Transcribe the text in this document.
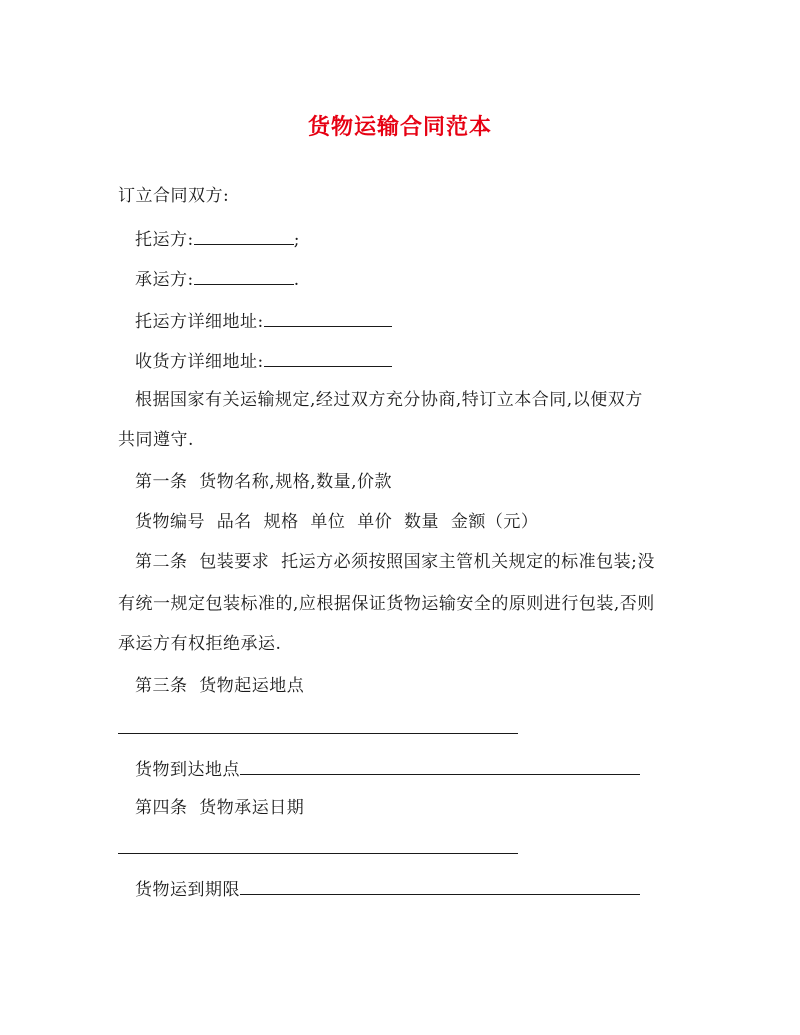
货物运输合同范本
订立合同双方:
托运方:	;
承运方:	.
托运方详细地址:
收货方详细地址:
根据国家有关运输规定,经过双方充分协商,特订立本合同,以便双方
共同遵守.
第一条  货物名称,规格,数量,价款
货物编号  品名  规格  单位  单价  数量  金额（元）
第二条  包装要求  托运方必须按照国家主管机关规定的标准包装;没
有统一规定包装标准的,应根据保证货物运输安全的原则进行包装,否则
承运方有权拒绝承运.
第三条  货物起运地点
货物到达地点
第四条  货物承运日期
货物运到期限
